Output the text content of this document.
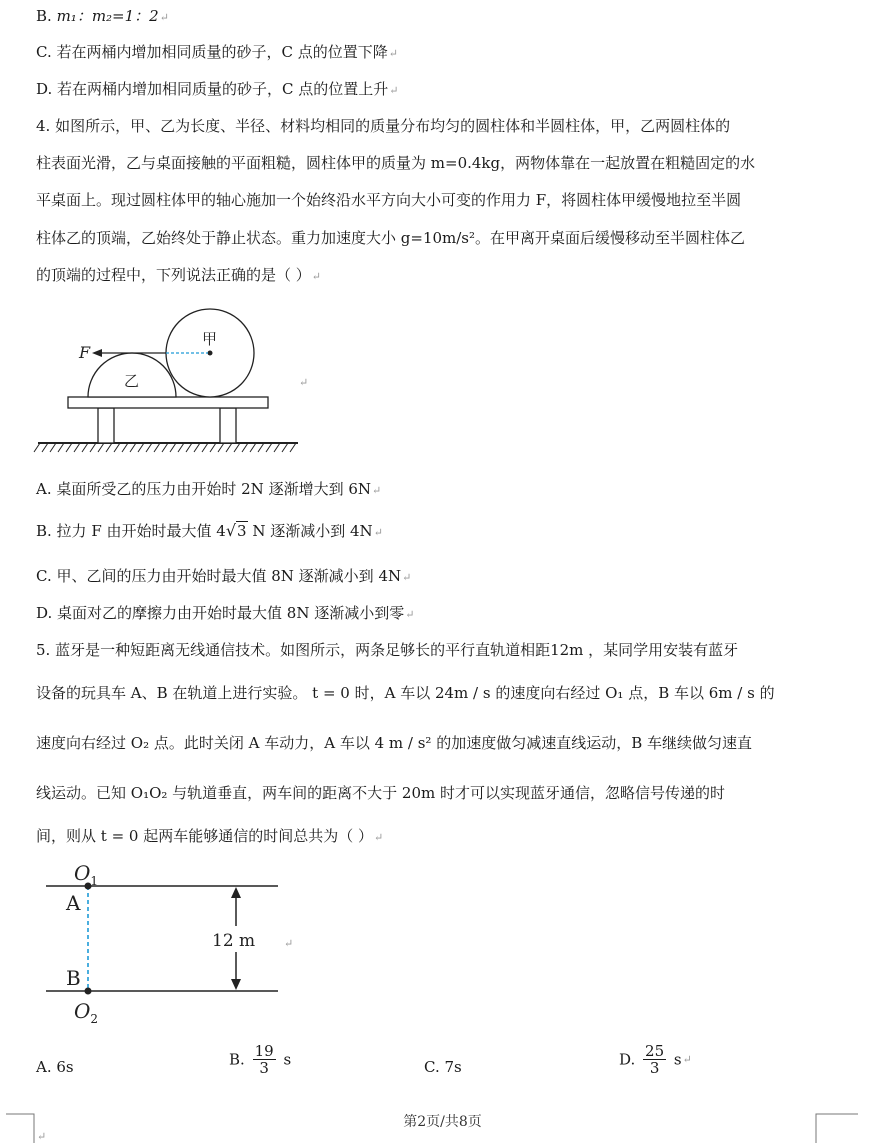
B. m₁：m₂=1：2↵
C. 若在两桶内增加相同质量的砂子，C 点的位置下降↵
D. 若在两桶内增加相同质量的砂子，C 点的位置上升↵
4. 如图所示，甲、乙为长度、半径、材料均相同的质量分布均匀的圆柱体和半圆柱体，甲，乙两圆柱体的
柱表面光滑，乙与桌面接触的平面粗糙，圆柱体甲的质量为 m=0.4kg，两物体靠在一起放置在粗糙固定的水
平桌面上。现过圆柱体甲的轴心施加一个始终沿水平方向大小可变的作用力 F，将圆柱体甲缓慢地拉至半圆
柱体乙的顶端，乙始终处于静止状态。重力加速度大小 g=10m/s²。在甲离开桌面后缓慢移动至半圆柱体乙
的顶端的过程中，下列说法正确的是（ ）↵
乙
甲
F
↵
A. 桌面所受乙的压力由开始时 2N 逐渐增大到 6N↵
B. 拉力 F 由开始时最大值 4√3 N 逐渐减小到 4N↵
C. 甲、乙间的压力由开始时最大值 8N 逐渐减小到 4N↵
D. 桌面对乙的摩擦力由开始时最大值 8N 逐渐减小到零↵
5. 蓝牙是一种短距离无线通信技术。如图所示，两条足够长的平行直轨道相距12m ，某同学用安装有蓝牙
设备的玩具车 A、B 在轨道上进行实验。 t = 0 时，A 车以 24m / s 的速度向右经过 O₁ 点，B 车以 6m / s 的
速度向右经过 O₂ 点。此时关闭 A 车动力，A 车以 4 m / s² 的加速度做匀减速直线运动，B 车继续做匀速直
线运动。已知 O₁O₂ 与轨道垂直，两车间的距离不大于 20m 时才可以实现蓝牙通信，忽略信号传递的时
间，则从 t = 0 起两车能够通信的时间总共为（ ）↵
$O_1$
$O_2$
A
B
12 m	↵
A. 6s	B. $\frac{19}{3}$ s	C. 7s	D. $\frac{25}{3}$ s↵
↵
第2页/共8页
